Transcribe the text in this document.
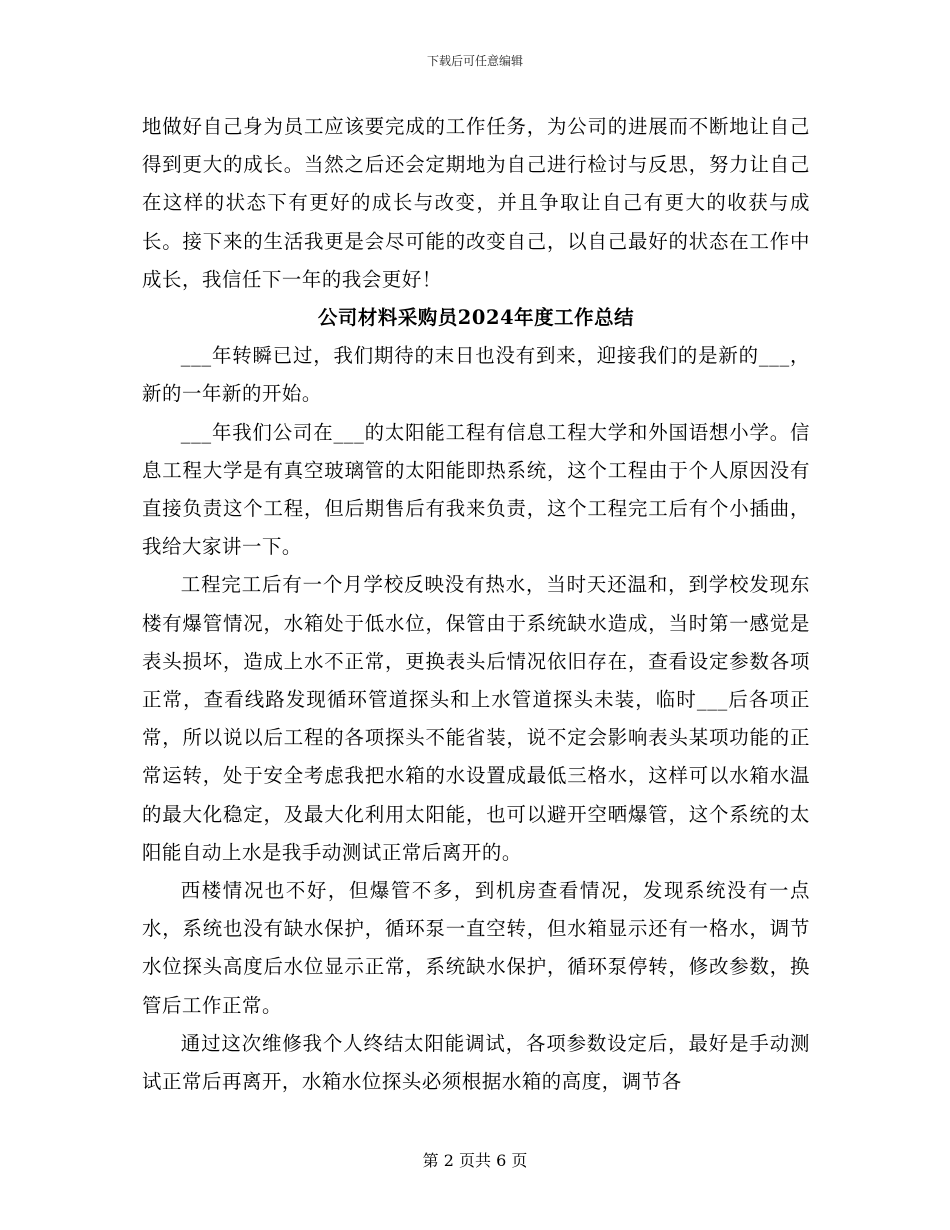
下载后可任意编辑

地做好自己身为员工应该要完成的工作任务，为公司的进展而不断地让自己得到更大的成长。当然之后还会定期地为自己进行检讨与反思，努力让自己在这样的状态下有更好的成长与改变，并且争取让自己有更大的收获与成长。接下来的生活我更是会尽可能的改变自己，以自己最好的状态在工作中成长，我信任下一年的我会更好！

公司材料采购员2024年度工作总结

___年转瞬已过，我们期待的末日也没有到来，迎接我们的是新的___，新的一年新的开始。

___年我们公司在___的太阳能工程有信息工程大学和外国语想小学。信息工程大学是有真空玻璃管的太阳能即热系统，这个工程由于个人原因没有直接负责这个工程，但后期售后有我来负责，这个工程完工后有个小插曲，我给大家讲一下。

工程完工后有一个月学校反映没有热水，当时天还温和，到学校发现东楼有爆管情况，水箱处于低水位，保管由于系统缺水造成，当时第一感觉是表头损坏，造成上水不正常，更换表头后情况依旧存在，查看设定参数各项正常，查看线路发现循环管道探头和上水管道探头未装，临时___后各项正常，所以说以后工程的各项探头不能省装，说不定会影响表头某项功能的正常运转，处于安全考虑我把水箱的水设置成最低三格水，这样可以水箱水温的最大化稳定，及最大化利用太阳能，也可以避开空晒爆管，这个系统的太阳能自动上水是我手动测试正常后离开的。

西楼情况也不好，但爆管不多，到机房查看情况，发现系统没有一点水，系统也没有缺水保护，循环泵一直空转，但水箱显示还有一格水，调节水位探头高度后水位显示正常，系统缺水保护，循环泵停转，修改参数，换管后工作正常。

通过这次维修我个人终结太阳能调试，各项参数设定后，最好是手动测试正常后再离开，水箱水位探头必须根据水箱的高度，调节各

第 2 页共 6 页
